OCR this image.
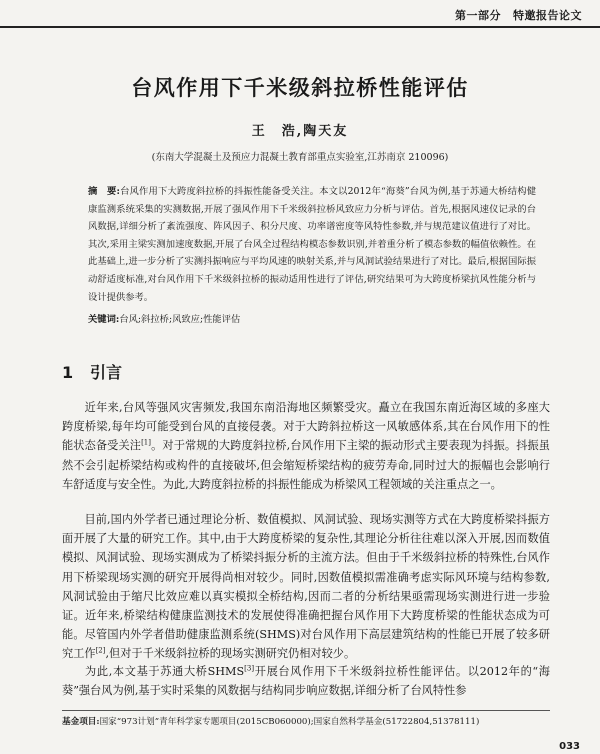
第一部分 特邀报告论文
台风作用下千米级斜拉桥性能评估
王　浩,陶天友
(东南大学混凝土及预应力混凝土教育部重点实验室,江苏南京 210096)
摘　要:台风作用下大跨度斜拉桥的抖振性能备受关注。本文以2012年“海葵”台风为例,基于苏通大桥结构健康监测系统采集的实测数据,开展了强风作用下千米级斜拉桥风致应力分析与评估。首先,根据风速仪记录的台风数据,详细分析了紊流强度、阵风因子、积分尺度、功率谱密度等风特性参数,并与规范建议值进行了对比。其次,采用主梁实测加速度数据,开展了台风全过程结构模态参数识别,并着重分析了模态参数的幅值依赖性。在此基础上,进一步分析了实测抖振响应与平均风速的映射关系,并与风洞试验结果进行了对比。最后,根据国际振动舒适度标准,对台风作用下千米级斜拉桥的振动适用性进行了评估,研究结果可为大跨度桥梁抗风性能分析与设计提供参考。
关键词:台风;斜拉桥;风致应;性能评估
1 引言

近年来,台风等强风灾害频发,我国东南沿海地区频繁受灾。矗立在我国东南近海区域的多座大跨度桥梁,每年均可能受到台风的直接侵袭。对于大跨斜拉桥这一风敏感体系,其在台风作用下的性能状态备受关注[1]。对于常规的大跨度斜拉桥,台风作用下主梁的振动形式主要表现为抖振。抖振虽然不会引起桥梁结构或构件的直接破坏,但会缩短桥梁结构的疲劳寿命,同时过大的振幅也会影响行车舒适度与安全性。为此,大跨度斜拉桥的抖振性能成为桥梁风工程领域的关注重点之一。

目前,国内外学者已通过理论分析、数值模拟、风洞试验、现场实测等方式在大跨度桥梁抖振方面开展了大量的研究工作。其中,由于大跨度桥梁的复杂性,其理论分析往往难以深入开展,因而数值模拟、风洞试验、现场实测成为了桥梁抖振分析的主流方法。但由于千米级斜拉桥的特殊性,台风作用下桥梁现场实测的研究开展得尚相对较少。同时,因数值模拟需准确考虑实际风环境与结构参数,风洞试验由于缩尺比效应难以真实模拟全桥结构,因而二者的分析结果亟需现场实测进行进一步验证。近年来,桥梁结构健康监测技术的发展使得准确把握台风作用下大跨度桥梁的性能状态成为可能。尽管国内外学者借助健康监测系统(SHMS)对台风作用下高层建筑结构的性能已开展了较多研究工作[2],但对于千米级斜拉桥的现场实测研究仍相对较少。

为此,本文基于苏通大桥SHMS[3]开展台风作用下千米级斜拉桥性能评估。以2012年的“海葵”强台风为例,基于实时采集的风数据与结构同步响应数据,详细分析了台风特性参

基金项目:国家“973计划”青年科学家专题项目(2015CB060000);国家自然科学基金(51722804,51378111)
033
